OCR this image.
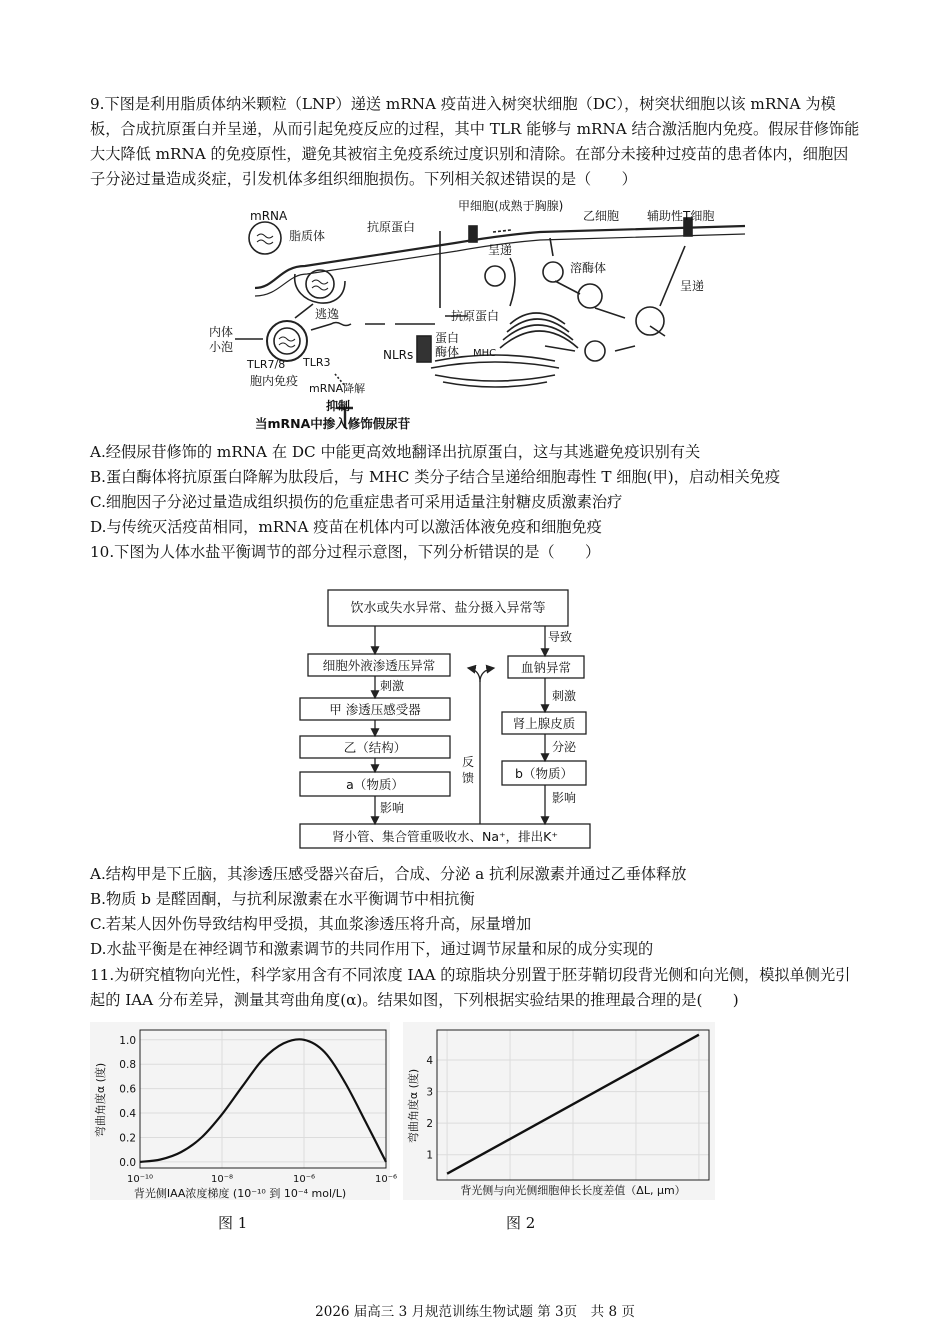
9.下图是利用脂质体纳米颗粒（LNP）递送 mRNA 疫苗进入树突状细胞（DC），树突状细胞以该 mRNA 为模板，合成抗原蛋白并呈递，从而引起免疫反应的过程，其中 TLR 能够与 mRNA 结合激活胞内免疫。假尿苷修饰能大大降低 mRNA 的免疫原性，避免其被宿主免疫系统过度识别和清除。在部分未接种过疫苗的患者体内，细胞因子分泌过量造成炎症，引发机体多组织细胞损伤。下列相关叙述错误的是（　　）

mRNA
脂质体
抗原蛋白
甲细胞(成熟于胸腺)
乙细胞 辅助性T细胞
呈递
呈递
溶酶体
逃逸
内体
小泡
抗原蛋白
蛋白
酶体
NLRs	MHC
TLR7/8 TLR3
胞内免疫
mRNA降解
抑制
当mRNA中掺入修饰假尿苷
A.经假尿苷修饰的 mRNA 在 DC 中能更高效地翻译出抗原蛋白，这与其逃避免疫识别有关
B.蛋白酶体将抗原蛋白降解为肽段后，与 MHC 类分子结合呈递给细胞毒性 T 细胞(甲)，启动相关免疫
C.细胞因子分泌过量造成组织损伤的危重症患者可采用适量注射糖皮质激素治疗
D.与传统灭活疫苗相同，mRNA 疫苗在机体内可以激活体液免疫和细胞免疫
10.下图为人体水盐平衡调节的部分过程示意图，下列分析错误的是（　　）
饮水或失水异常、盐分摄入异常等
导致
细胞外液渗透压异常
刺激
甲 渗透压感受器
乙（结构）
a（物质）
影响
血钠异常
刺激
肾上腺皮质
分泌
b（物质）
影响
反
馈
肾小管、集合管重吸收水、Na⁺，排出K⁺
A.结构甲是下丘脑，其渗透压感受器兴奋后，合成、分泌 a 抗利尿激素并通过乙垂体释放
B.物质 b 是醛固酮，与抗利尿激素在水平衡调节中相抗衡
C.若某人因外伤导致结构甲受损，其血浆渗透压将升高，尿量增加
D.水盐平衡是在神经调节和激素调节的共同作用下，通过调节尿量和尿的成分实现的

11.为研究植物向光性，科学家用含有不同浓度 IAA 的琼脂块分别置于胚芽鞘切段背光侧和向光侧，模拟单侧光引起的 IAA 分布差异，测量其弯曲角度(α)。结果如图，下列根据实验结果的推理最合理的是(　　)

0.0
0.2
0.4
0.6
0.8
1.0
10⁻¹⁰	10⁻⁸	10⁻⁶	10⁻⁶
背光侧IAA浓度梯度 (10⁻¹⁰ 到 10⁻⁴ mol/L)
弯曲角度α (度)
图 1
1
2
3
4
背光侧与向光侧细胞伸长长度差值（ΔL, μm）
弯曲角度α (度)
图 2
2026 届高三 3 月规范训练生物试题 第 3页　共 8 页
